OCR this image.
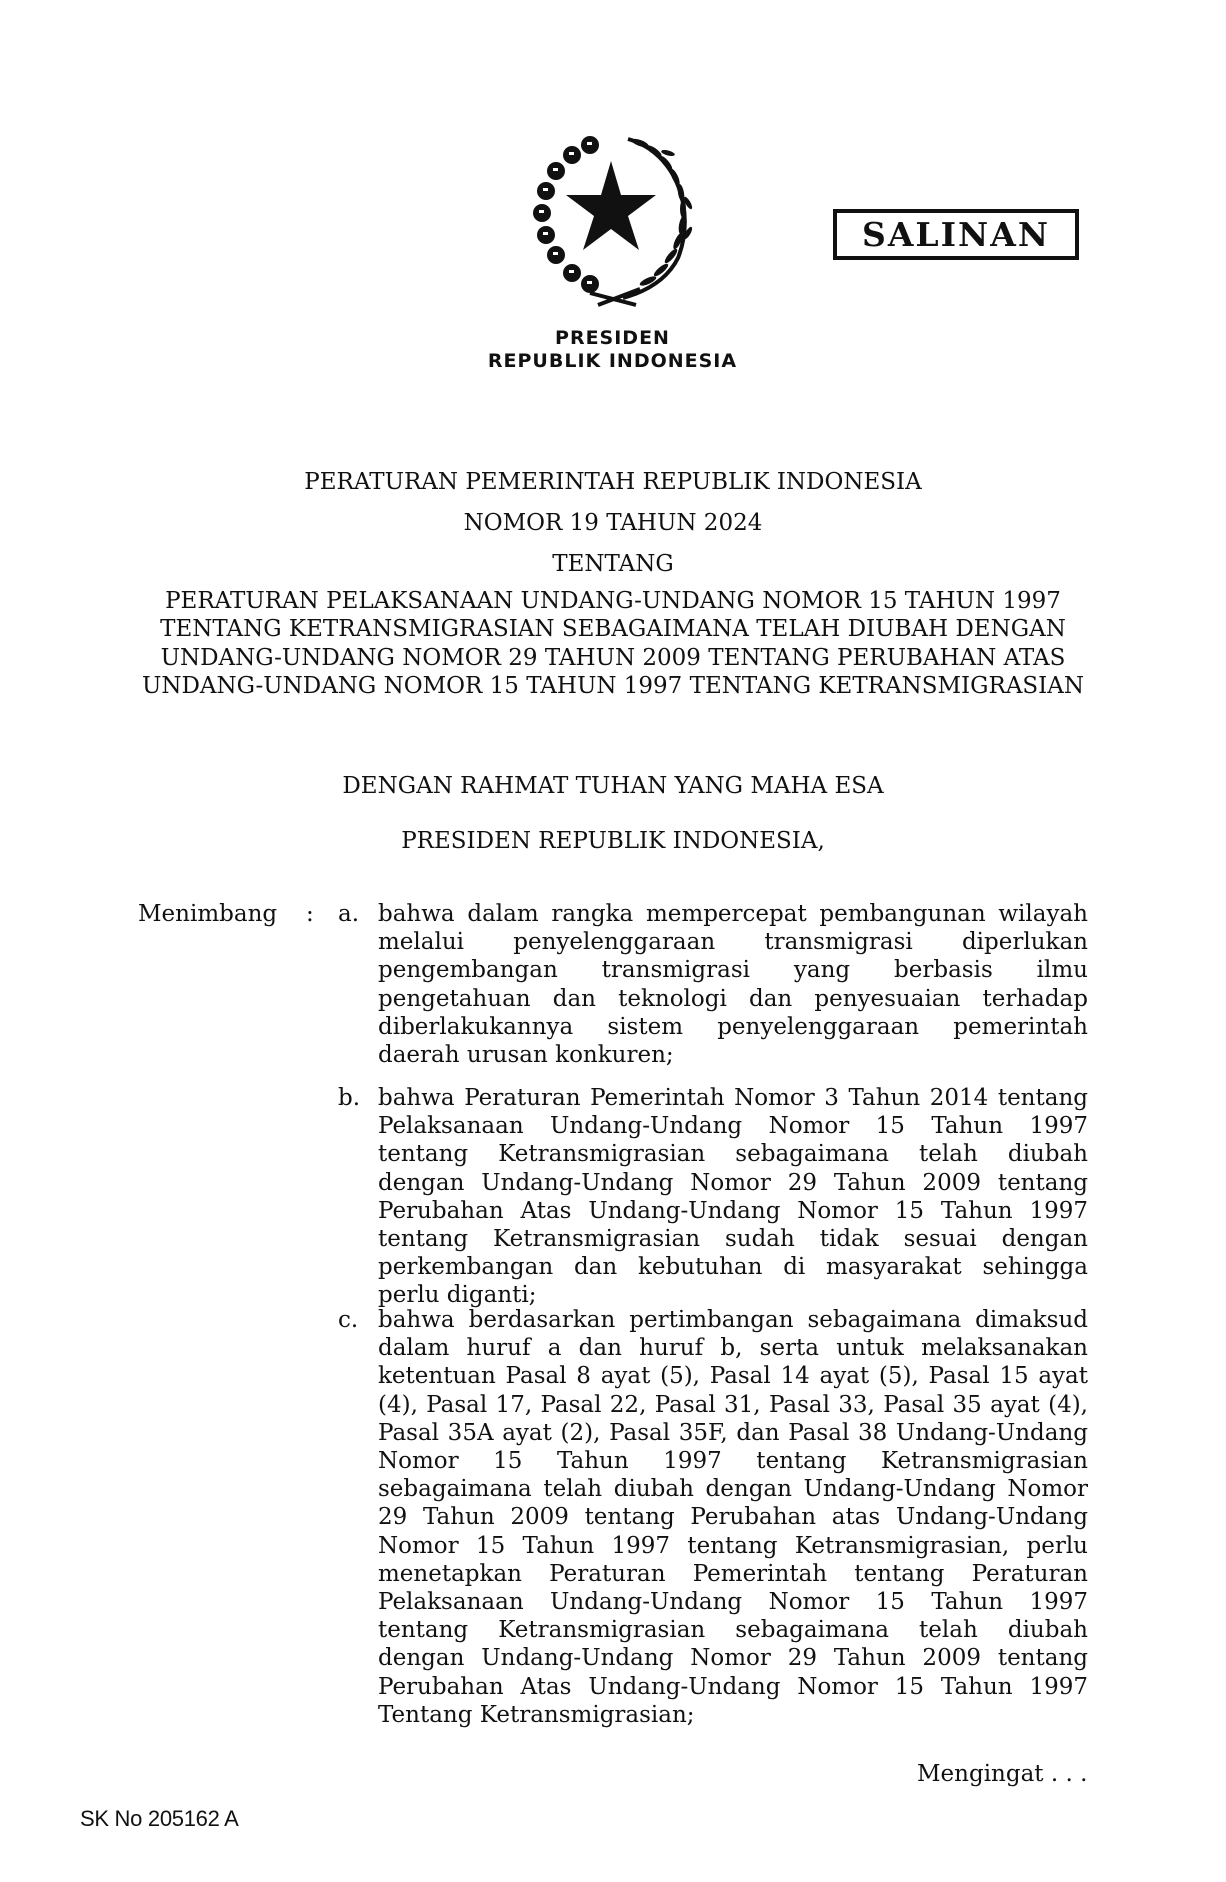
PRESIDEN
REPUBLIK INDONESIA
SALINAN
PERATURAN PEMERINTAH REPUBLIK INDONESIA
NOMOR 19 TAHUN 2024
TENTANG
PERATURAN PELAKSANAAN UNDANG-UNDANG NOMOR 15 TAHUN 1997 TENTANG KETRANSMIGRASIAN SEBAGAIMANA TELAH DIUBAH DENGAN UNDANG-UNDANG NOMOR 29 TAHUN 2009 TENTANG PERUBAHAN ATAS UNDANG-UNDANG NOMOR 15 TAHUN 1997 TENTANG KETRANSMIGRASIAN
DENGAN RAHMAT TUHAN YANG MAHA ESA
PRESIDEN REPUBLIK INDONESIA,
Menimbang : a. bahwa dalam rangka mempercepat pembangunan wilayah melalui penyelenggaraan transmigrasi diperlukan pengembangan transmigrasi yang berbasis ilmu pengetahuan dan teknologi dan penyesuaian terhadap diberlakukannya sistem penyelenggaraan pemerintah daerah urusan konkuren;
b. bahwa Peraturan Pemerintah Nomor 3 Tahun 2014 tentang Pelaksanaan Undang-Undang Nomor 15 Tahun 1997 tentang Ketransmigrasian sebagaimana telah diubah dengan Undang-Undang Nomor 29 Tahun 2009 tentang Perubahan Atas Undang-Undang Nomor 15 Tahun 1997 tentang Ketransmigrasian sudah tidak sesuai dengan perkembangan dan kebutuhan di masyarakat sehingga perlu diganti;
c. bahwa berdasarkan pertimbangan sebagaimana dimaksud dalam huruf a dan huruf b, serta untuk melaksanakan ketentuan Pasal 8 ayat (5), Pasal 14 ayat (5), Pasal 15 ayat (4), Pasal 17, Pasal 22, Pasal 31, Pasal 33, Pasal 35 ayat (4), Pasal 35A ayat (2), Pasal 35F, dan Pasal 38 Undang-Undang Nomor 15 Tahun 1997 tentang Ketransmigrasian sebagaimana telah diubah dengan Undang-Undang Nomor 29 Tahun 2009 tentang Perubahan atas Undang-Undang Nomor 15 Tahun 1997 tentang Ketransmigrasian, perlu menetapkan Peraturan Pemerintah tentang Peraturan Pelaksanaan Undang-Undang Nomor 15 Tahun 1997 tentang Ketransmigrasian sebagaimana telah diubah dengan Undang-Undang Nomor 29 Tahun 2009 tentang Perubahan Atas Undang-Undang Nomor 15 Tahun 1997 Tentang Ketransmigrasian;
Mengingat . . .
SK No 205162 A
